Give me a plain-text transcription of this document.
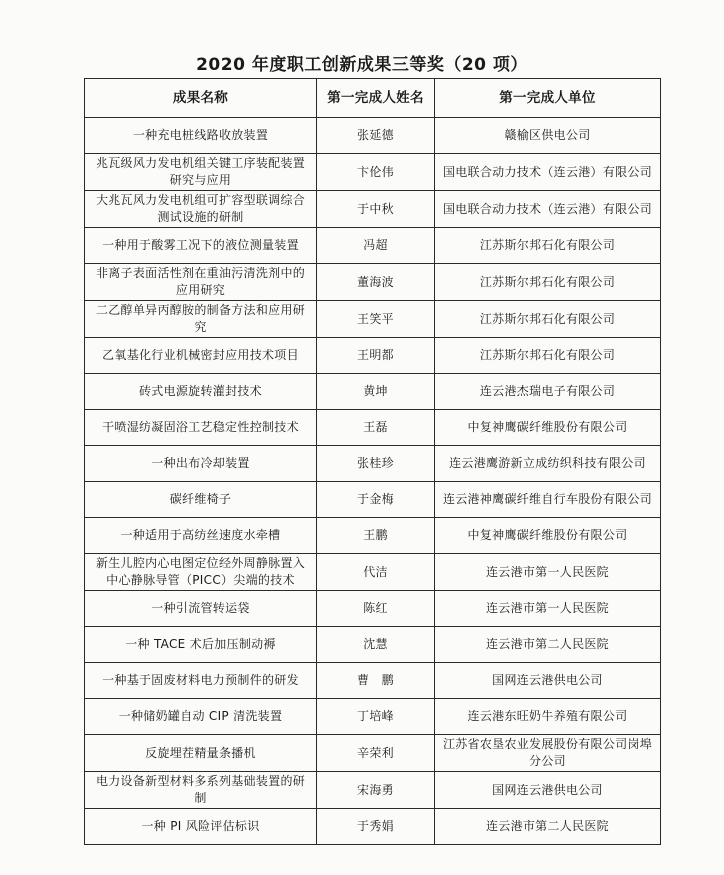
2020 年度职工创新成果三等奖（20 项）
成果名称	第一完成人姓名	第一完成人单位
一种充电桩线路收放装置	张延德	赣榆区供电公司
兆瓦级风力发电机组关键工序装配装置研究与应用	卞伦伟	国电联合动力技术（连云港）有限公司
大兆瓦风力发电机组可扩容型联调综合测试设施的研制	于中秋	国电联合动力技术（连云港）有限公司
一种用于酸雾工况下的液位测量装置	冯超	江苏斯尔邦石化有限公司
非离子表面活性剂在重油污清洗剂中的应用研究	董海波	江苏斯尔邦石化有限公司
二乙醇单异丙醇胺的制备方法和应用研究	王笑平	江苏斯尔邦石化有限公司
乙氧基化行业机械密封应用技术项目	王明都	江苏斯尔邦石化有限公司
砖式电源旋转灌封技术	黄坤	连云港杰瑞电子有限公司
干喷湿纺凝固浴工艺稳定性控制技术	王磊	中复神鹰碳纤维股份有限公司
一种出布冷却装置	张桂珍	连云港鹰游新立成纺织科技有限公司
碳纤维椅子	于金梅	连云港神鹰碳纤维自行车股份有限公司
一种适用于高纺丝速度水牵槽	王鹏	中复神鹰碳纤维股份有限公司
新生儿腔内心电图定位经外周静脉置入中心静脉导管（PICC）尖端的技术	代洁	连云港市第一人民医院
一种引流管转运袋	陈红	连云港市第一人民医院
一种 TACE 术后加压制动褥	沈慧	连云港市第二人民医院
一种基于固废材料电力预制件的研发	曹　鹏	国网连云港供电公司
一种储奶罐自动 CIP 清洗装置	丁培峰	连云港东旺奶牛养殖有限公司
反旋埋茬精量条播机	辛荣利	江苏省农垦农业发展股份有限公司岗埠分公司
电力设备新型材料多系列基础装置的研制	宋海勇	国网连云港供电公司
一种 PI 风险评估标识	于秀娟	连云港市第二人民医院
